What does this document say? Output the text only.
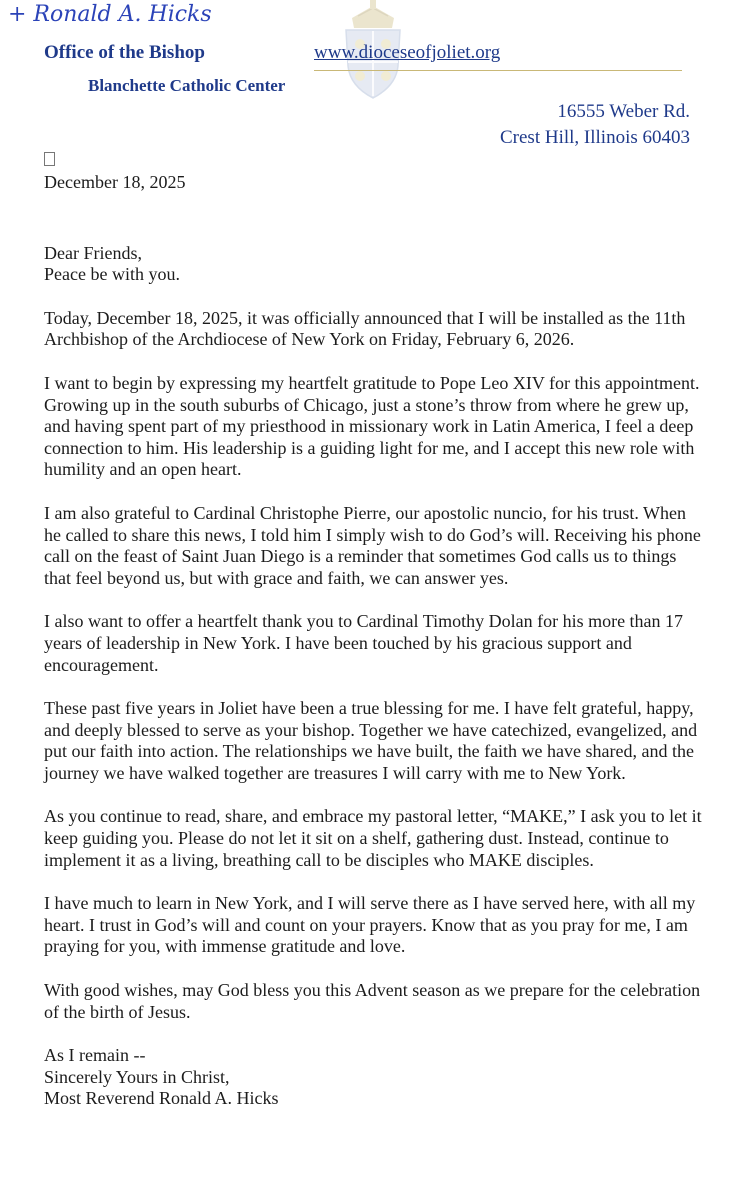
+ Ronald A. Hicks
Office of the Bishop	www.dioceseofjoliet.org
Blanchette Catholic Center
16555 Weber Rd.
Crest Hill, Illinois 60403

December 18, 2025

Dear Friends,

Peace be with you.

Today, December 18, 2025, it was officially announced that I will be installed as the 11th Archbishop of the Archdiocese of New York on Friday, February 6, 2026.

I want to begin by expressing my heartfelt gratitude to Pope Leo XIV for this appointment. Growing up in the south suburbs of Chicago, just a stone’s throw from where he grew up, and having spent part of my priesthood in missionary work in Latin America, I feel a deep connection to him. His leadership is a guiding light for me, and I accept this new role with humility and an open heart.

I am also grateful to Cardinal Christophe Pierre, our apostolic nuncio, for his trust. When he called to share this news, I told him I simply wish to do God’s will. Receiving his phone call on the feast of Saint Juan Diego is a reminder that sometimes God calls us to things that feel beyond us, but with grace and faith, we can answer yes.

I also want to offer a heartfelt thank you to Cardinal Timothy Dolan for his more than 17 years of leadership in New York. I have been touched by his gracious support and encouragement.

These past five years in Joliet have been a true blessing for me. I have felt grateful, happy, and deeply blessed to serve as your bishop. Together we have catechized, evangelized, and put our faith into action. The relationships we have built, the faith we have shared, and the journey we have walked together are treasures I will carry with me to New York.

As you continue to read, share, and embrace my pastoral letter, “MAKE,” I ask you to let it keep guiding you. Please do not let it sit on a shelf, gathering dust. Instead, continue to implement it as a living, breathing call to be disciples who MAKE disciples.

I have much to learn in New York, and I will serve there as I have served here, with all my heart. I trust in God’s will and count on your prayers. Know that as you pray for me, I am praying for you, with immense gratitude and love.

With good wishes, may God bless you this Advent season as we prepare for the celebration of the birth of Jesus.

As I remain --

Sincerely Yours in Christ,

Most Reverend Ronald A. Hicks
